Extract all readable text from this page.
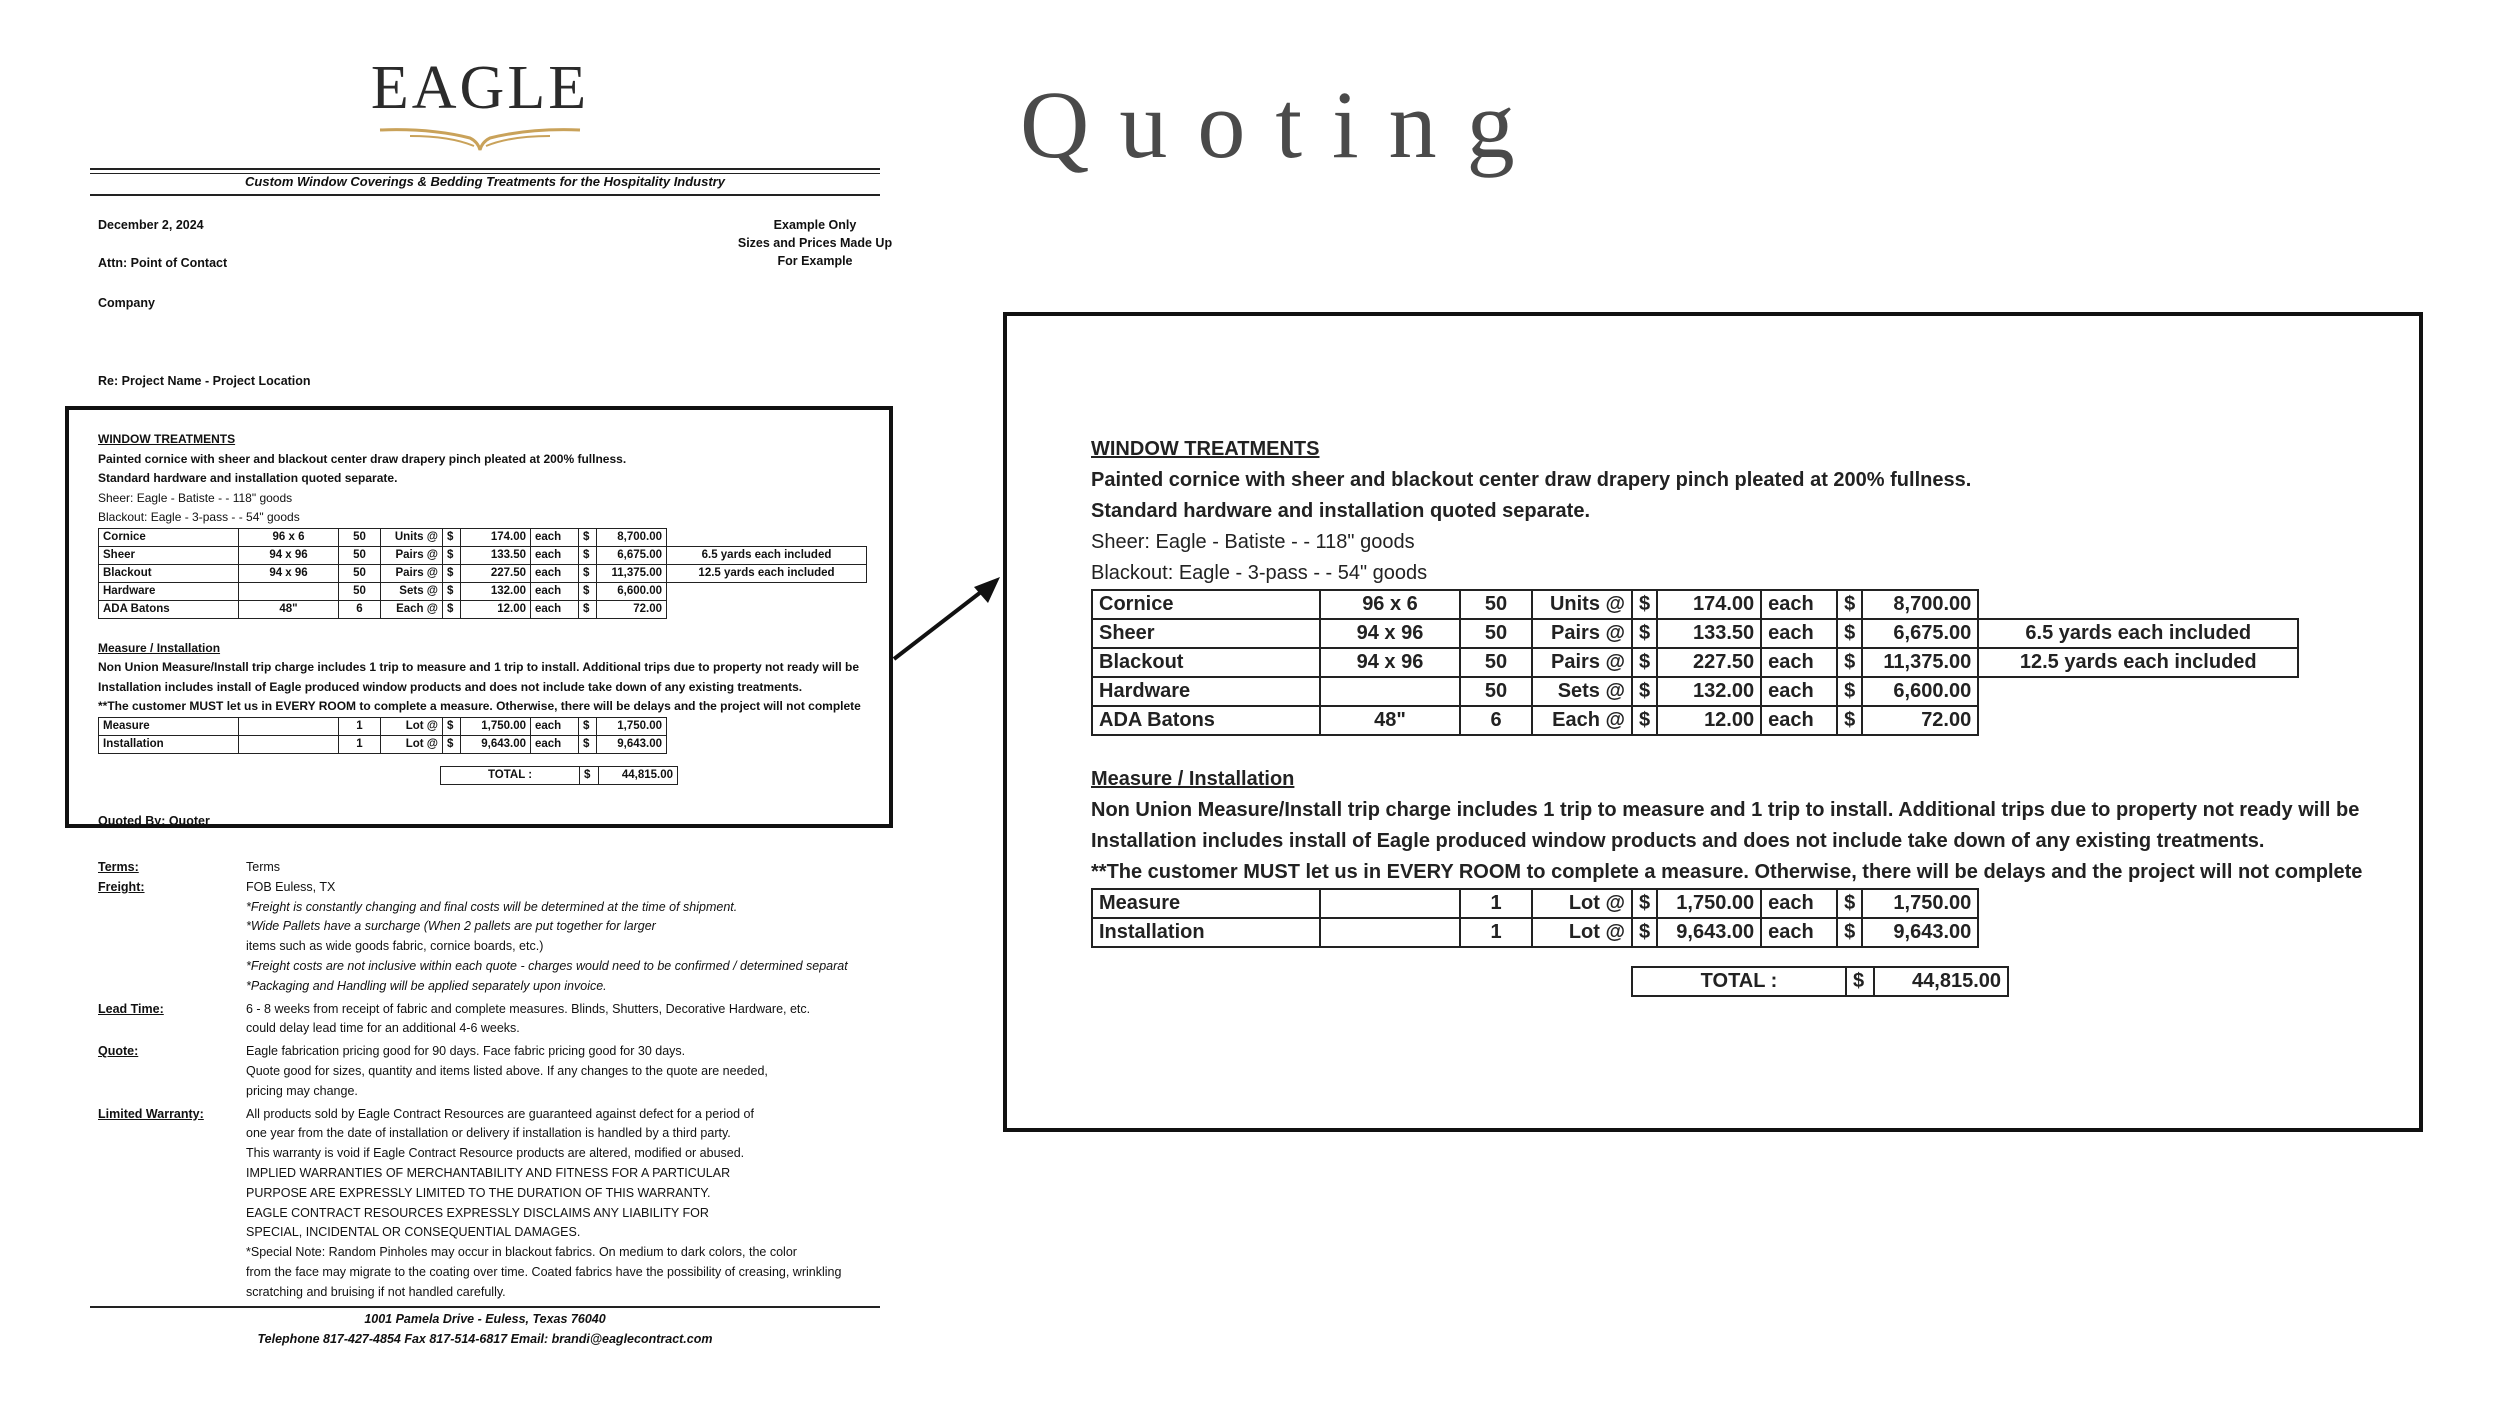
EAGLE
Custom Window Coverings & Bedding Treatments for the Hospitality Industry
December 2, 2024
Attn: Point of Contact
Company
Re: Project Name - Project Location
Example Only
Sizes and Prices Made Up
For Example
WINDOW TREATMENTS
Painted cornice with sheer and blackout center draw drapery pinch pleated at 200% fullness.
Standard hardware and installation quoted separate.
Sheer: Eagle - Batiste - - 118" goods
Blackout: Eagle - 3-pass - - 54" goods
Cornice	96 x 6	50	Units @	$	174.00	each	$	8,700.00	
Sheer	94 x 96	50	Pairs @	$	133.50	each	$	6,675.00	6.5 yards each included
Blackout	94 x 96	50	Pairs @	$	227.50	each	$	11,375.00	12.5 yards each included
Hardware		50	Sets @	$	132.00	each	$	6,600.00	
ADA Batons	48"	6	Each @	$	12.00	each	$	72.00	
Measure / Installation
Non Union Measure/Install trip charge includes 1 trip to measure and 1 trip to install. Additional trips due to property not ready will be
Installation includes install of Eagle produced window products and does not include take down of any existing treatments.
**The customer MUST let us in EVERY ROOM to complete a measure. Otherwise, there will be delays and the project will not complete
Measure		1	Lot @	$	1,750.00	each	$	1,750.00
Installation		1	Lot @	$	9,643.00	each	$	9,643.00
TOTAL :	$	44,815.00
Terms:	Terms
Freight:	FOB Euless, TX
*Freight is constantly changing and final costs will be determined at the time of shipment.
*Wide Pallets have a surcharge (When 2 pallets are put together for larger
items such as wide goods fabric, cornice boards, etc.)
*Freight costs are not inclusive within each quote - charges would need to be confirmed / determined separat
*Packaging and Handling will be applied separately upon invoice.
Lead Time:	6 - 8 weeks from receipt of fabric and complete measures. Blinds, Shutters, Decorative Hardware, etc.
could delay lead time for an additional 4-6 weeks.
Quote:	Eagle fabrication pricing good for 90 days. Face fabric pricing good for 30 days.
Quote good for sizes, quantity and items listed above. If any changes to the quote are needed,
pricing may change.
Limited Warranty:	All products sold by Eagle Contract Resources are guaranteed against defect for a period of
one year from the date of installation or delivery if installation is handled by a third party.
This warranty is void if Eagle Contract Resource products are altered, modified or abused.
IMPLIED WARRANTIES OF MERCHANTABILITY AND FITNESS FOR A PARTICULAR
PURPOSE ARE EXPRESSLY LIMITED TO THE DURATION OF THIS WARRANTY.
EAGLE CONTRACT RESOURCES EXPRESSLY DISCLAIMS ANY LIABILITY FOR
SPECIAL, INCIDENTAL OR CONSEQUENTIAL DAMAGES.
*Special Note: Random Pinholes may occur in blackout fabrics. On medium to dark colors, the color
from the face may migrate to the coating over time. Coated fabrics have the possibility of creasing, wrinkling
scratching and bruising if not handled carefully.
1001 Pamela Drive - Euless, Texas 76040
Telephone 817-427-4854 Fax 817-514-6817 Email: brandi@eaglecontract.com
Quoted By: Quoter
Quoting
WINDOW TREATMENTS
Painted cornice with sheer and blackout center draw drapery pinch pleated at 200% fullness.
Standard hardware and installation quoted separate.
Sheer: Eagle - Batiste - - 118" goods
Blackout: Eagle - 3-pass - - 54" goods
Cornice	96 x 6	50	Units @	$	174.00	each	$	8,700.00	
Sheer	94 x 96	50	Pairs @	$	133.50	each	$	6,675.00	6.5 yards each included
Blackout	94 x 96	50	Pairs @	$	227.50	each	$	11,375.00	12.5 yards each included
Hardware		50	Sets @	$	132.00	each	$	6,600.00	
ADA Batons	48"	6	Each @	$	12.00	each	$	72.00	
Measure / Installation
Non Union Measure/Install trip charge includes 1 trip to measure and 1 trip to install. Additional trips due to property not ready will be
Installation includes install of Eagle produced window products and does not include take down of any existing treatments.
**The customer MUST let us in EVERY ROOM to complete a measure. Otherwise, there will be delays and the project will not complete
Measure		1	Lot @	$	1,750.00	each	$	1,750.00
Installation		1	Lot @	$	9,643.00	each	$	9,643.00
TOTAL :	$	44,815.00
